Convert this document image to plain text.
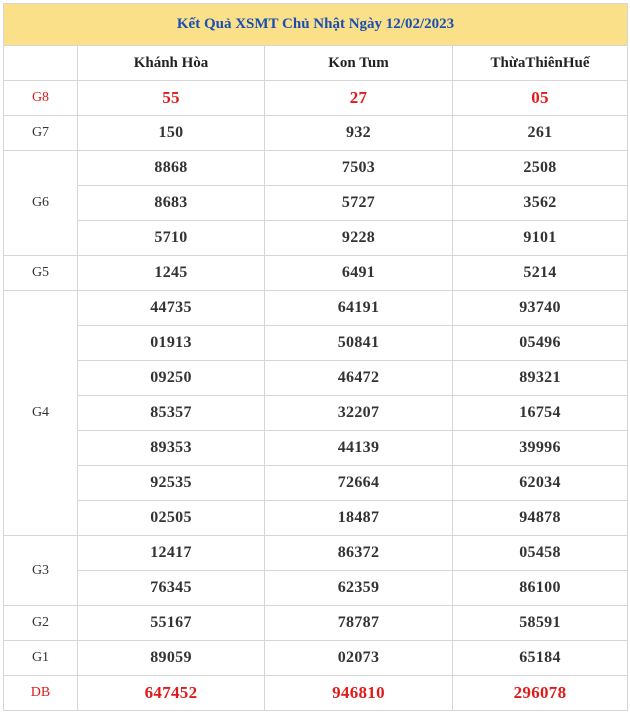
Kết Quả XSMT Chủ Nhật Ngày 12/02/2023			
	Khánh Hòa	Kon Tum	ThừaThiênHuế
G8	55	27	05
G7	150	932	261
G6	8868	7503	2508
	8683	5727	3562
	5710	9228	9101
G5	1245	6491	5214
G4	44735	64191	93740
	01913	50841	05496
	09250	46472	89321
	85357	32207	16754
	89353	44139	39996
	92535	72664	62034
	02505	18487	94878
G3	12417	86372	05458
	76345	62359	86100
G2	55167	78787	58591
G1	89059	02073	65184
DB	647452	946810	296078
